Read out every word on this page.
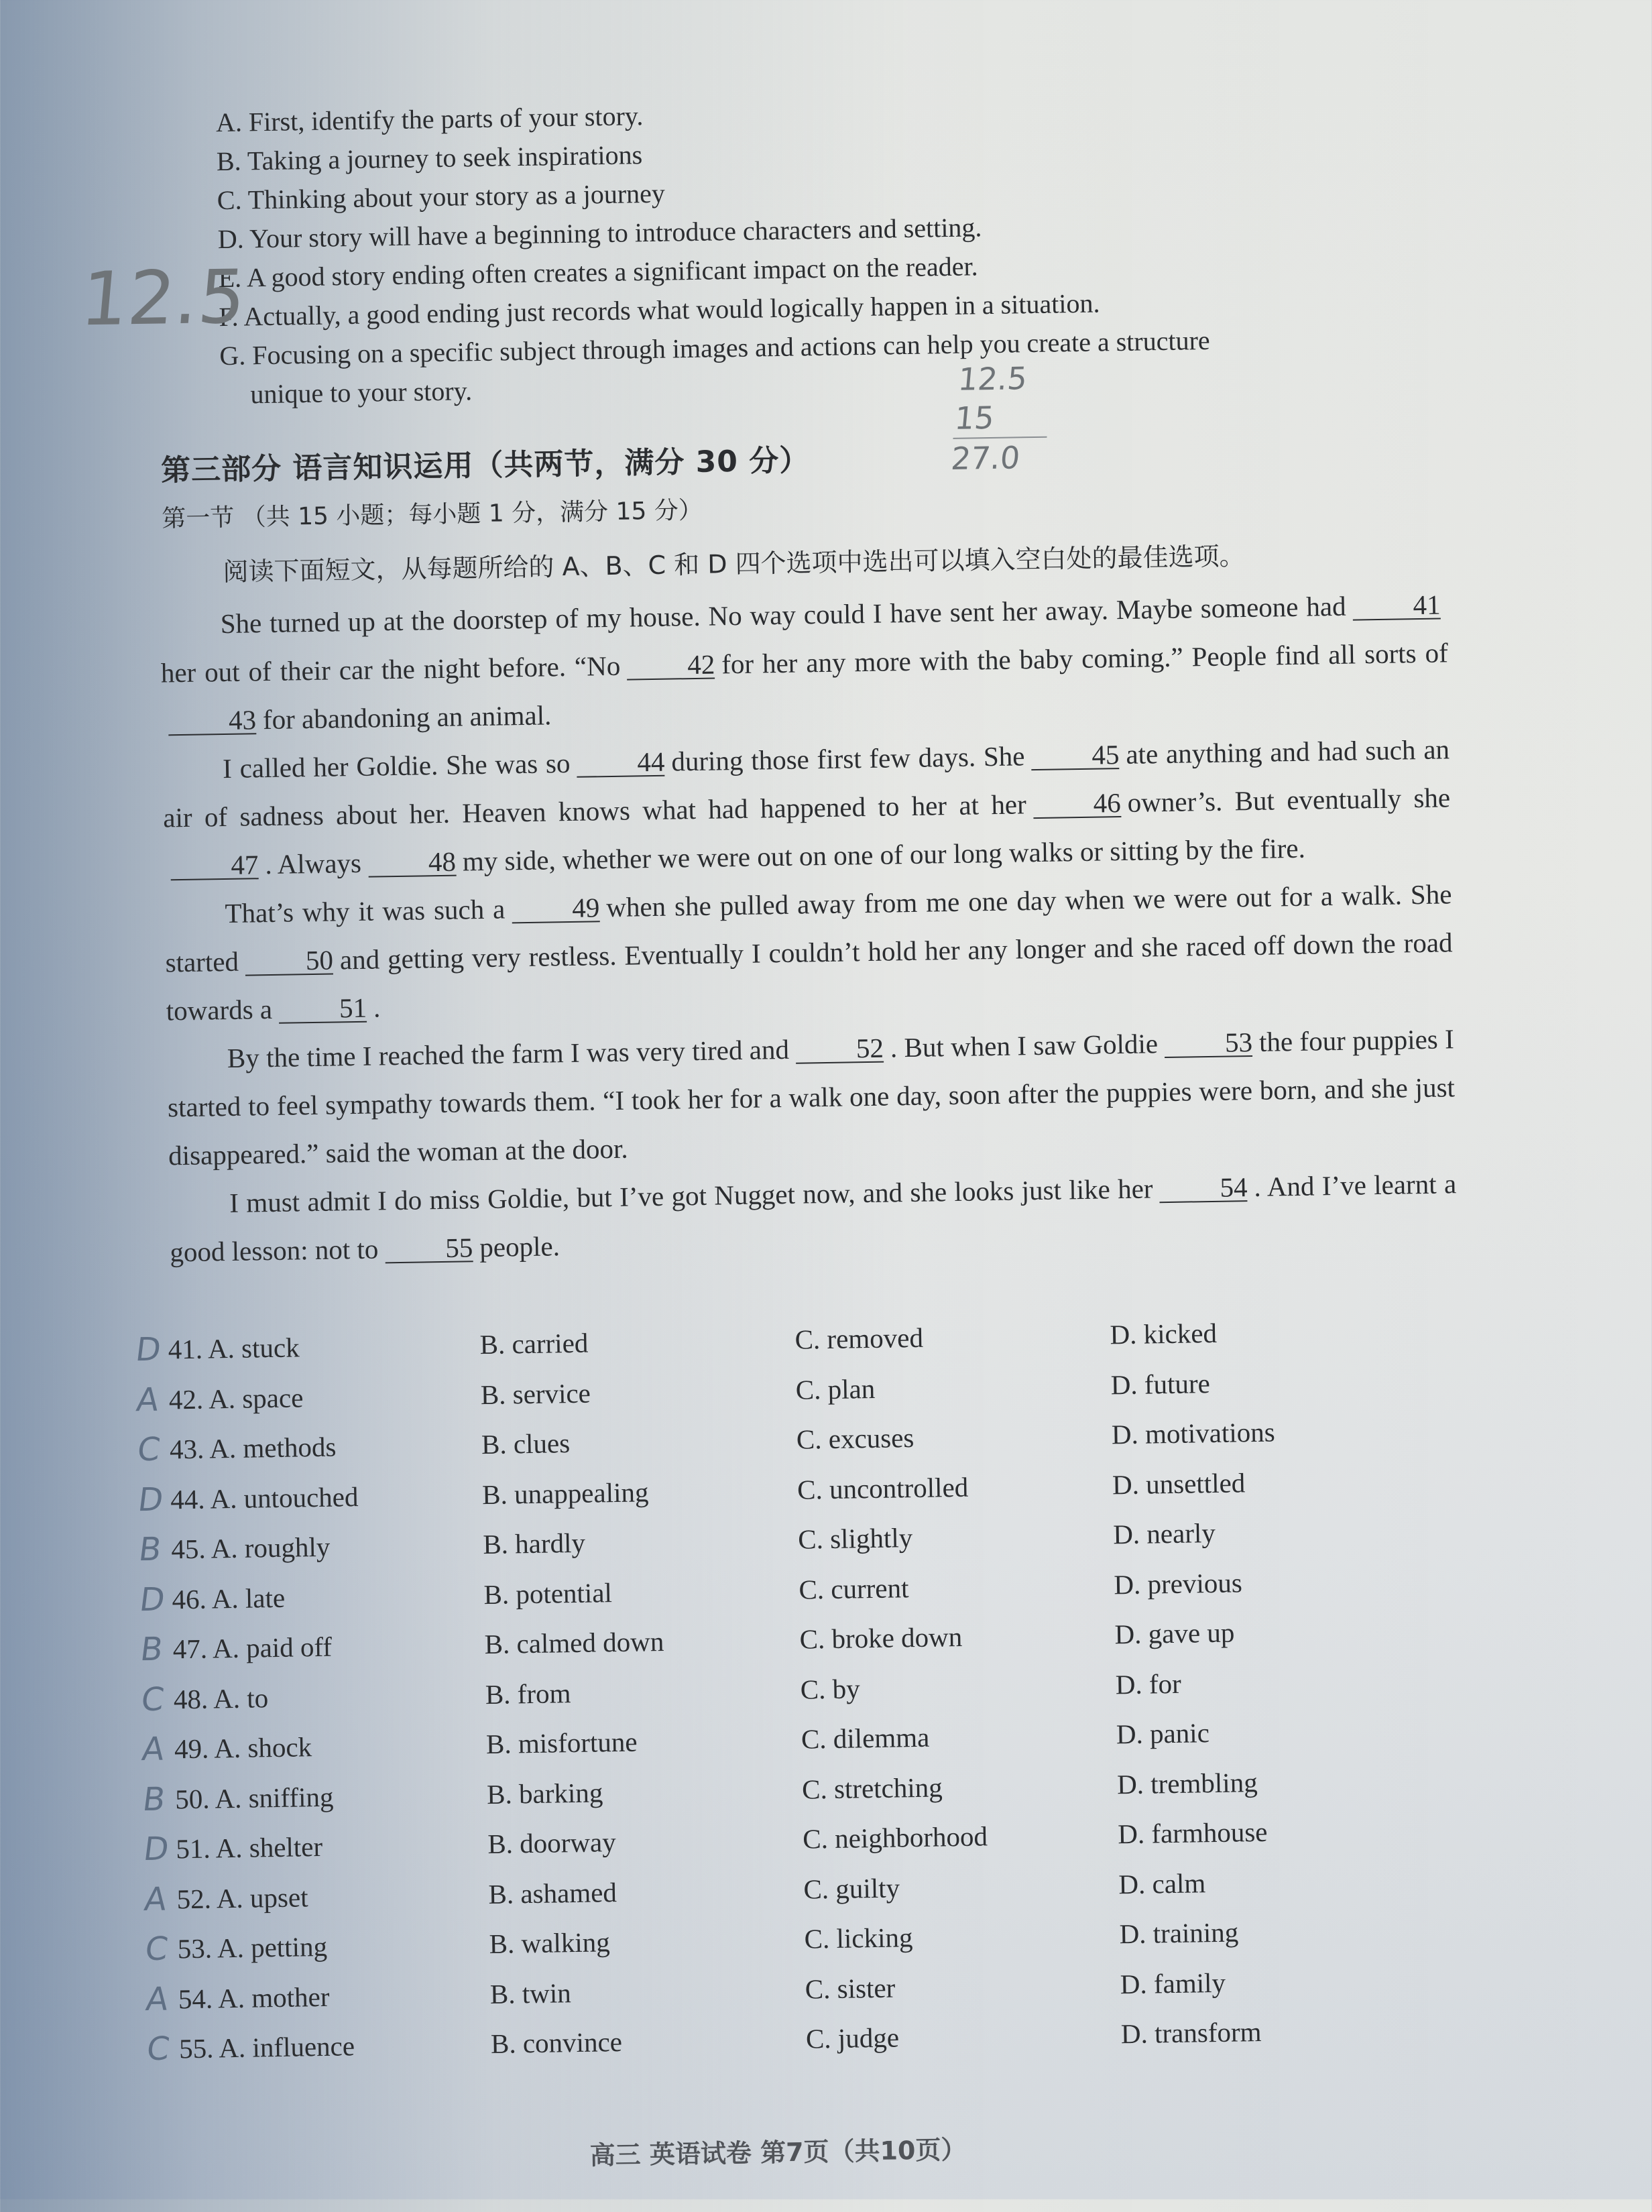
A. First, identify the parts of your story.
B. Taking a journey to seek inspirations
C. Thinking about your story as a journey
D. Your story will have a beginning to introduce characters and setting.
E. A good story ending often creates a significant impact on the reader.
F. Actually, a good ending just records what would logically happen in a situation.
G. Focusing on a specific subject through images and actions can help you create a structure
unique to your story.
12.5
12.5
15
27.0
第三部分 语言知识运用（共两节，满分 30 分）
第一节 （共 15 小题；每小题 1 分，满分 15 分）
阅读下面短文，从每题所给的 A、B、C 和 D 四个选项中选出可以填入空白处的最佳选项。

She turned up at the doorstep of my house. No way could I have sent her away. Maybe someone had 41her out of their car the night before. “No 42 for her any more with the baby coming.” People find all sorts of43 for abandoning an animal.

I called her Goldie. She was so 44 during those first few days. She 45 ate anything and had such an air of sadness about her. Heaven knows what had happened to her at her 46 owner’s. But eventually she47 . Always 48 my side, whether we were out on one of our long walks or sitting by the fire.

That’s why it was such a 49 when she pulled away from me one day when we were out for a walk. She started 50 and getting very restless. Eventually I couldn’t hold her any longer and she raced off down the road towards a 51 .

By the time I reached the farm I was very tired and 52 . But when I saw Goldie 53 the four puppies I started to feel sympathy towards them. “I took her for a walk one day, soon after the puppies were born, and she just disappeared.” said the woman at the door.

I must admit I do miss Goldie, but I’ve got Nugget now, and she looks just like her 54 . And I’ve learnt a good lesson: not to 55 people.

D 41. A. stuck	B. carried	C. removed	D. kicked
A 42. A. space	B. service	C. plan	D. future
C 43. A. methods	B. clues	C. excuses	D. motivations
D 44. A. untouched	B. unappealing	C. uncontrolled	D. unsettled
B 45. A. roughly	B. hardly	C. slightly	D. nearly
D 46. A. late	B. potential	C. current	D. previous
B 47. A. paid off	B. calmed down	C. broke down	D. gave up
C 48. A. to	B. from	C. by	D. for
A 49. A. shock	B. misfortune	C. dilemma	D. panic
B 50. A. sniffing	B. barking	C. stretching	D. trembling
D 51. A. shelter	B. doorway	C. neighborhood	D. farmhouse
A 52. A. upset	B. ashamed	C. guilty	D. calm
C 53. A. petting	B. walking	C. licking	D. training
A 54. A. mother	B. twin	C. sister	D. family
C 55. A. influence	B. convince	C. judge	D. transform
高三 英语试卷 第7页（共10页）
